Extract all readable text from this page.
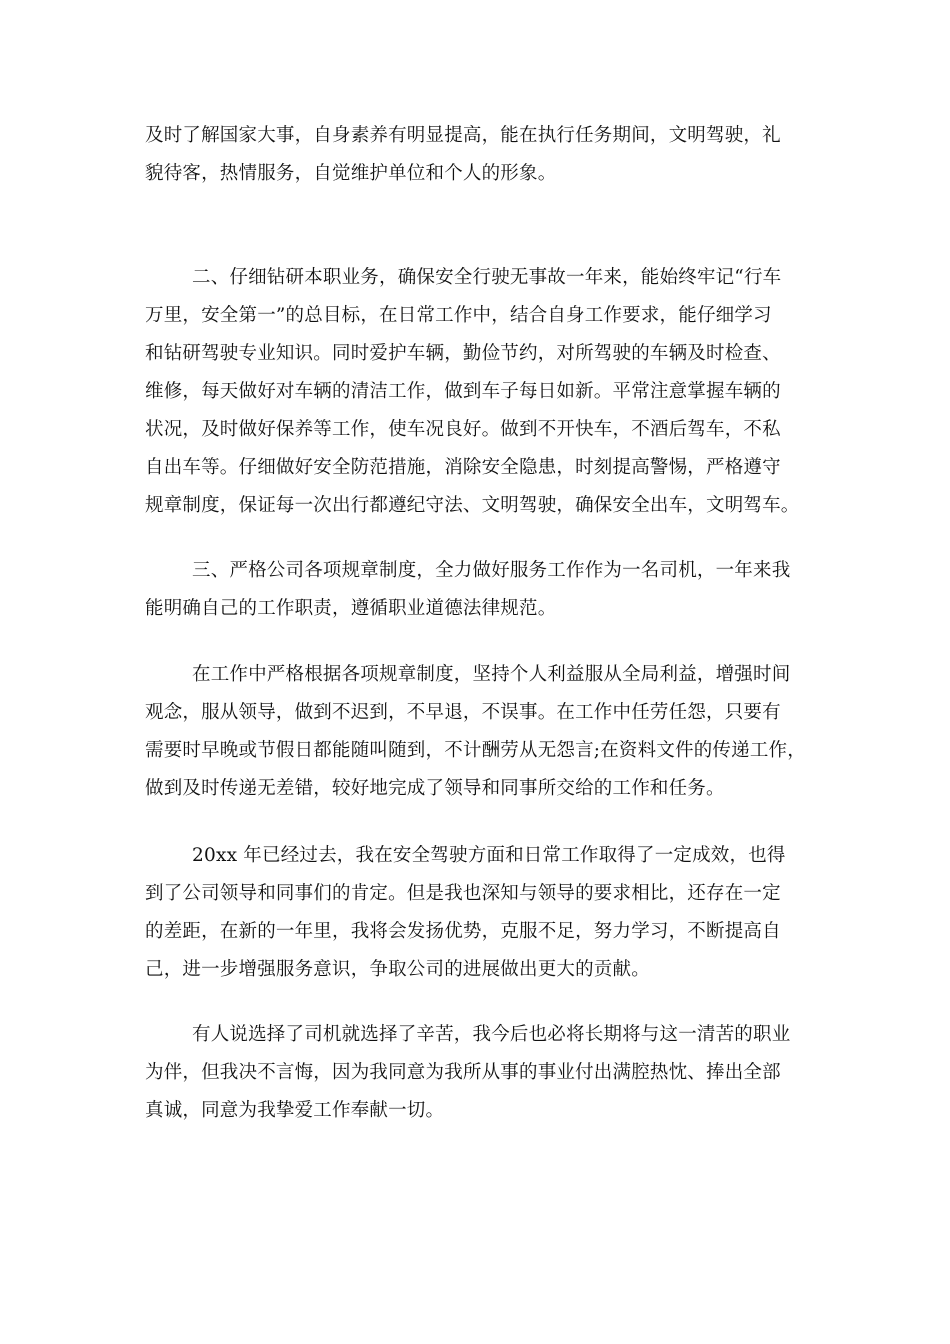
及时了解国家大事，自身素养有明显提高，能在执行任务期间，文明驾驶，礼
貌待客，热情服务，自觉维护单位和个人的形象。
二、仔细钻研本职业务，确保安全行驶无事故一年来，能始终牢记“行车
万里，安全第一”的总目标，在日常工作中，结合自身工作要求，能仔细学习
和钻研驾驶专业知识。同时爱护车辆，勤俭节约，对所驾驶的车辆及时检查、
维修，每天做好对车辆的清洁工作，做到车子每日如新。平常注意掌握车辆的
状况，及时做好保养等工作，使车况良好。做到不开快车，不酒后驾车，不私
自出车等。仔细做好安全防范措施，消除安全隐患，时刻提高警惕，严格遵守
规章制度，保证每一次出行都遵纪守法、文明驾驶，确保安全出车，文明驾车。
三、严格公司各项规章制度，全力做好服务工作作为一名司机，一年来我
能明确自己的工作职责，遵循职业道德法律规范。
在工作中严格根据各项规章制度，坚持个人利益服从全局利益，增强时间
观念，服从领导，做到不迟到，不早退，不误事。在工作中任劳任怨，只要有
需要时早晚或节假日都能随叫随到，不计酬劳从无怨言;在资料文件的传递工作，
做到及时传递无差错，较好地完成了领导和同事所交给的工作和任务。
20xx 年已经过去，我在安全驾驶方面和日常工作取得了一定成效，也得
到了公司领导和同事们的肯定。但是我也深知与领导的要求相比，还存在一定
的差距，在新的一年里，我将会发扬优势，克服不足，努力学习，不断提高自
己，进一步增强服务意识，争取公司的进展做出更大的贡献。
有人说选择了司机就选择了辛苦，我今后也必将长期将与这一清苦的职业
为伴，但我决不言悔，因为我同意为我所从事的事业付出满腔热忱、捧出全部
真诚，同意为我挚爱工作奉献一切。
